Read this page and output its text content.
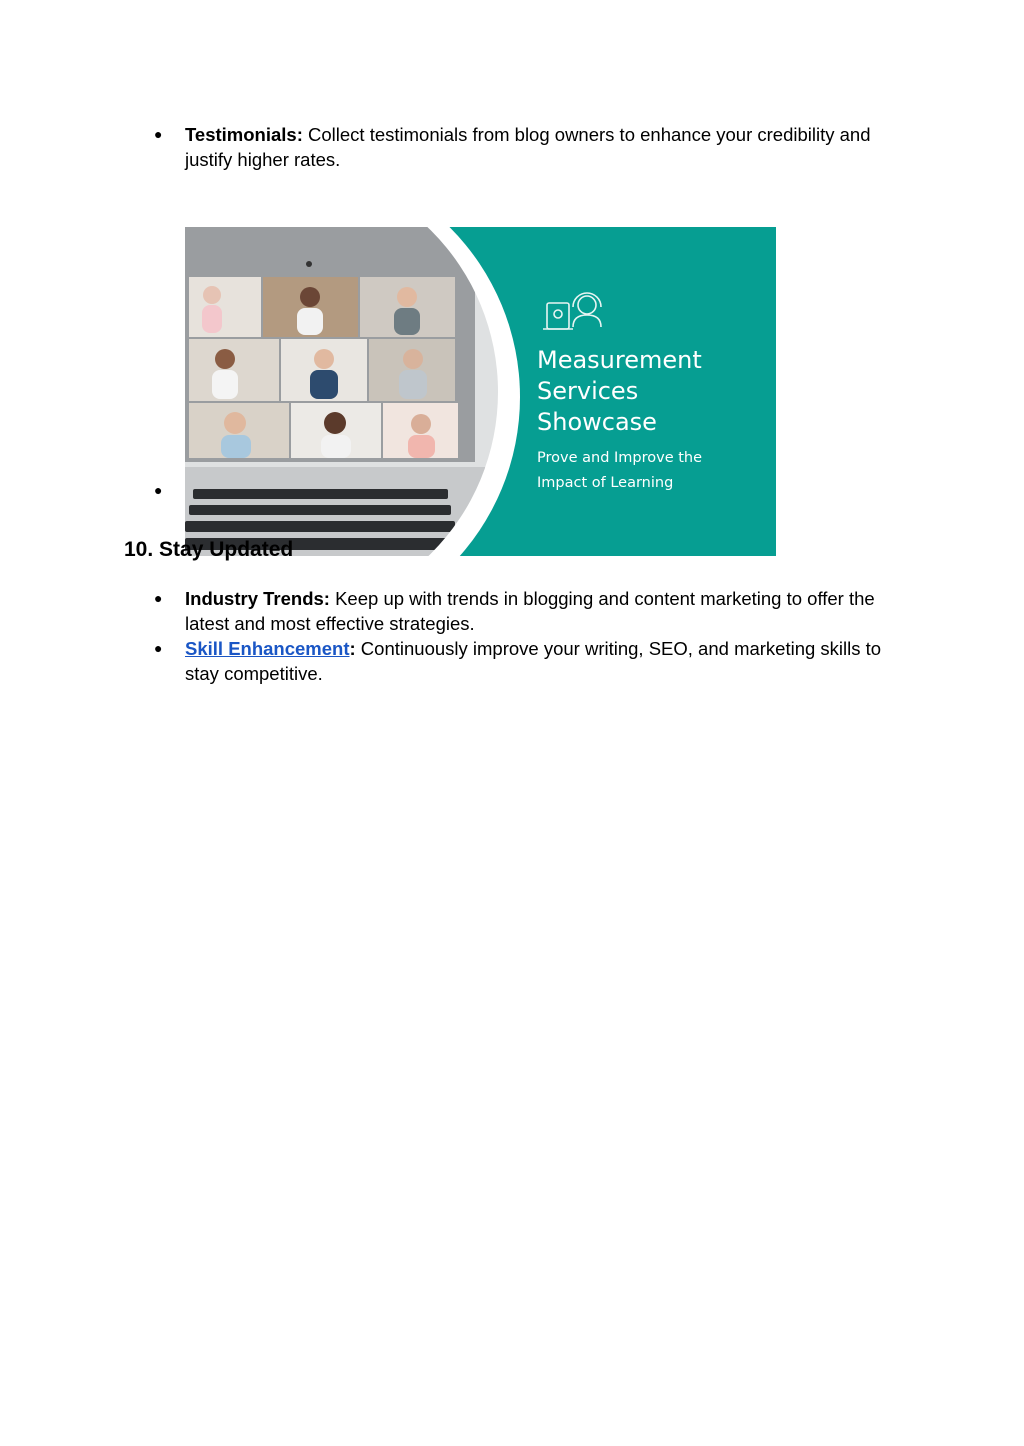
● Testimonials: Collect testimonials from blog owners to enhance your credibility and justify higher rates.
●
Measurement
Services
Showcase
Prove and Improve the
Impact of Learning
10. Stay Updated
● Industry Trends: Keep up with trends in blogging and content marketing to offer the latest and most effective strategies.
● Skill Enhancement: Continuously improve your writing, SEO, and marketing skills to stay competitive.
